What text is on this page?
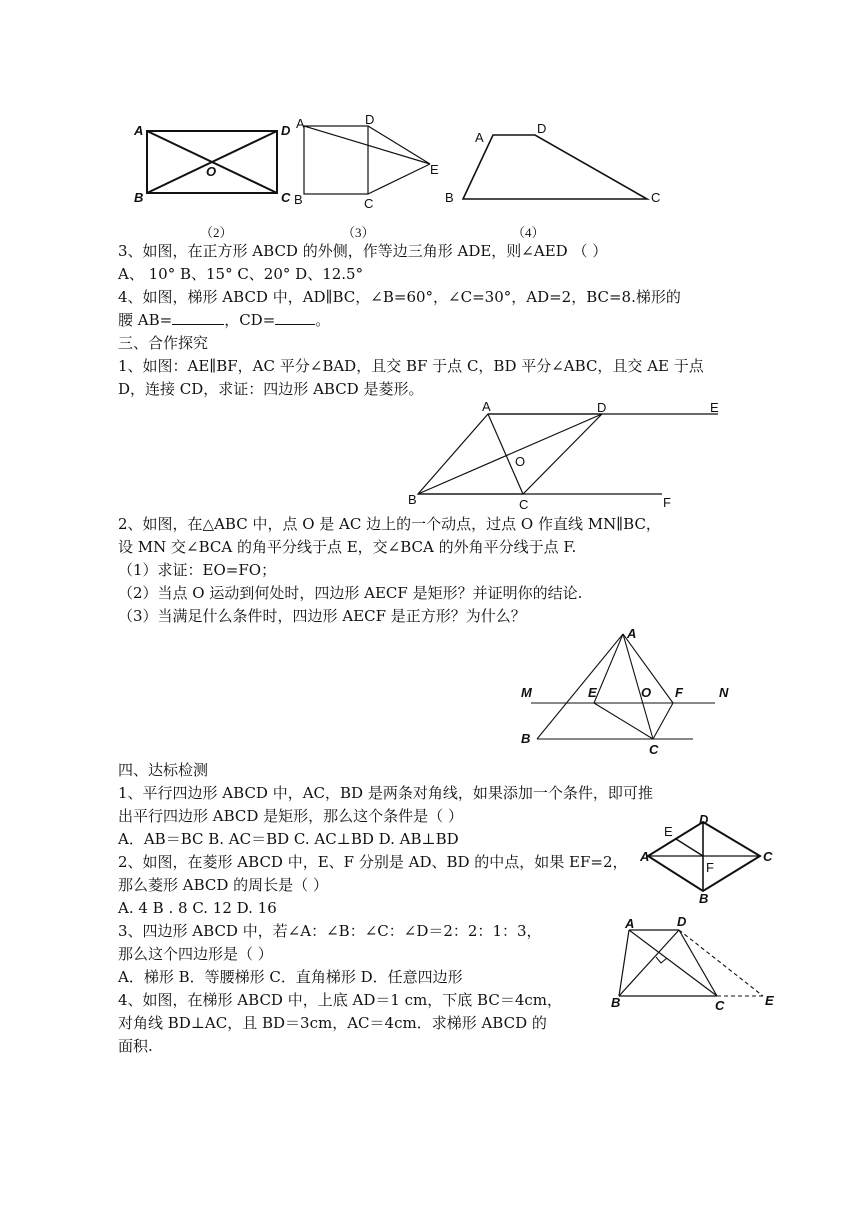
A	D
B	C
O
（2）
A	D
E
B	C
（3）
A
D
B	C
（4）
3、如图，在正方形 ABCD 的外侧，作等边三角形 ADE，则∠AED （ ）
A、 10° B、15° C、20° D、12.5°
4、如图，梯形 ABCD 中，AD∥BC，∠B=60°，∠C=30°，AD=2，BC=8.梯形的
腰 AB=	，CD=	。
三、合作探究
1、如图：AE∥BF，AC 平分∠BAD，且交 BF 于点 C，BD 平分∠ABC，且交 AE 于点
D，连接 CD，求证：四边形 ABCD 是菱形。
A	D	E
O
B	C	F
2、如图，在△ABC 中，点 O 是 AC 边上的一个动点，过点 O 作直线 MN∥BC，
设 MN 交∠BCA 的角平分线于点 E，交∠BCA 的外角平分线于点 F.
（1）求证：EO=FO；
（2）当点 O 运动到何处时，四边形 AECF 是矩形？并证明你的结论.
（3）当满足什么条件时，四边形 AECF 是正方形？为什么？
A
M	E	O F	N
B
C
四、达标检测
1、平行四边形 ABCD 中，AC，BD 是两条对角线，如果添加一个条件，即可推
出平行四边形 ABCD 是矩形，那么这个条件是（ ）
A．AB＝BC B. AC＝BD C. AC⊥BD D. AB⊥BD	E
D
A	C
F
B
2、如图，在菱形 ABCD 中，E、F 分别是 AD、BD 的中点，如果 EF=2，
那么菱形 ABCD 的周长是（ ）
A. 4 B . 8 C. 12 D. 16
3、四边形 ABCD 中，若∠A：∠B：∠C：∠D＝2：2：1：3，
那么这个四边形是（ ）
A．梯形 B．等腰梯形 C．直角梯形 D．任意四边形
A	D
B	C	E
4、如图，在梯形 ABCD 中，上底 AD＝1 cm，下底 BC＝4cm，
对角线 BD⊥AC，且 BD＝3cm，AC＝4cm．求梯形 ABCD 的
面积.
